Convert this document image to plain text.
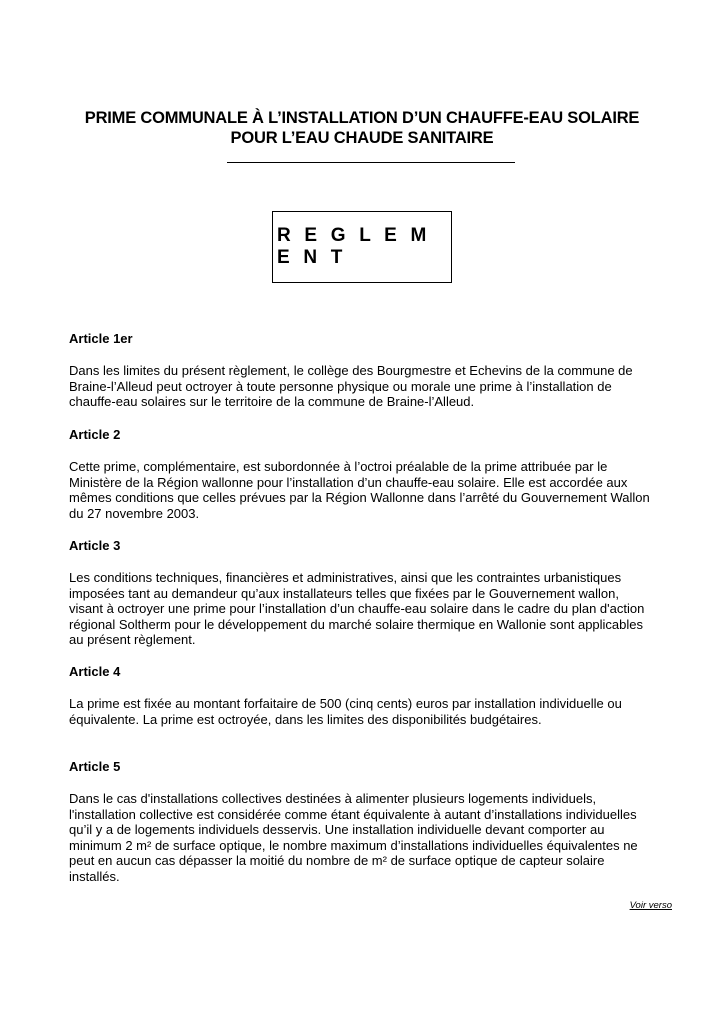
PRIME COMMUNALE À L’INSTALLATION D’UN CHAUFFE-EAU SOLAIRE
POUR L’EAU CHAUDE SANITAIRE
R E G L E M E N T
Article 1er

Dans les limites du présent règlement, le collège des Bourgmestre et Echevins de la commune de

Braine-l’Alleud peut octroyer à toute personne physique ou morale une prime à l’installation de

chauffe-eau solaires sur le territoire de la commune de Braine-l’Alleud.

Article 2

Cette prime, complémentaire, est subordonnée à l’octroi préalable de la prime attribuée par le

Ministère de la Région wallonne pour l’installation d’un chauffe-eau solaire. Elle est accordée aux

mêmes conditions que celles prévues par la Région Wallonne dans l’arrêté du Gouvernement Wallon

du 27 novembre 2003.

Article 3

Les conditions techniques, financières et administratives, ainsi que les contraintes urbanistiques

imposées tant au demandeur qu’aux installateurs telles que fixées par le Gouvernement wallon,

visant à octroyer une prime pour l’installation d’un chauffe-eau solaire dans le cadre du plan d'action

régional Soltherm pour le développement du marché solaire thermique en Wallonie sont applicables

au présent règlement.

Article 4

La prime est fixée au montant forfaitaire de 500 (cinq cents) euros par installation individuelle ou

équivalente. La prime est octroyée, dans les limites des disponibilités budgétaires.

Article 5

Dans le cas d'installations collectives destinées à alimenter plusieurs logements individuels,

l'installation collective est considérée comme étant équivalente à autant d’installations individuelles

qu’il y a de logements individuels desservis. Une installation individuelle devant comporter au

minimum 2 m² de surface optique, le nombre maximum d’installations individuelles équivalentes ne

peut en aucun cas dépasser la moitié du nombre de m² de surface optique de capteur solaire

installés.

Voir verso
